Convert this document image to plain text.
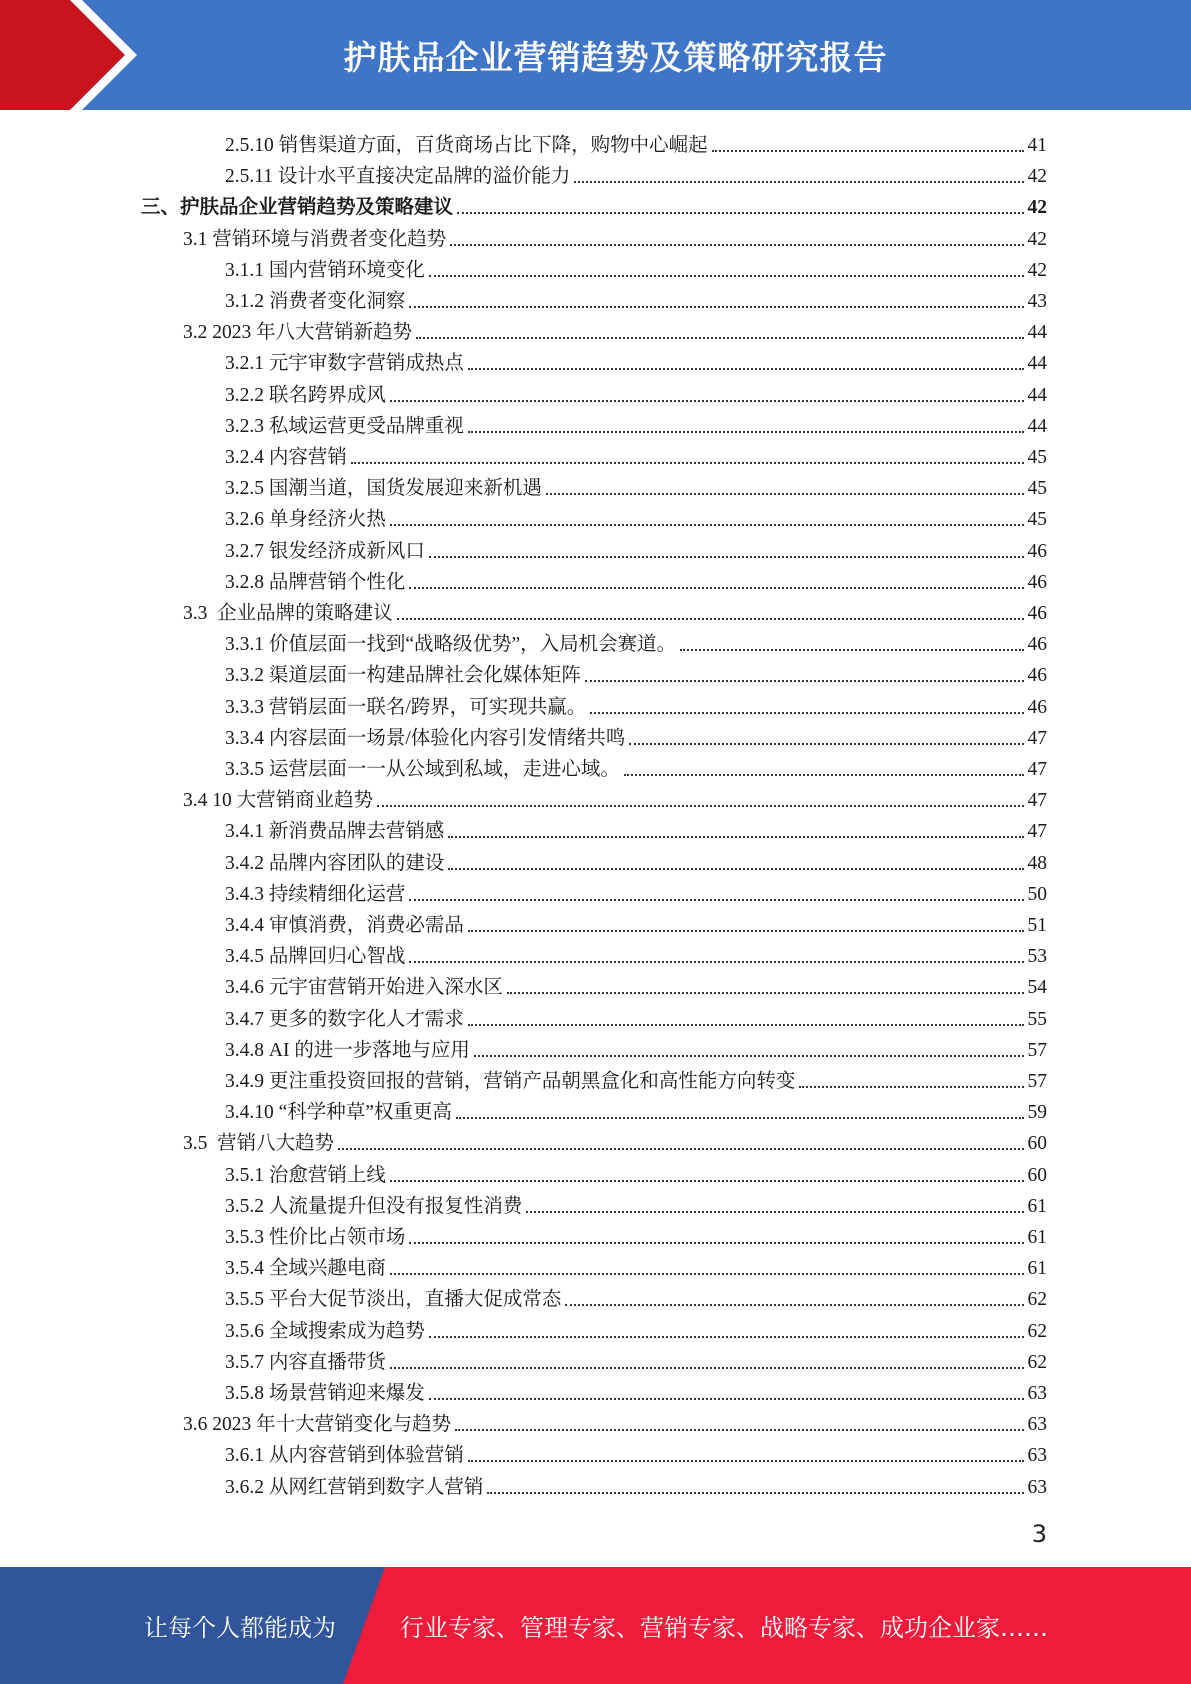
护肤品企业营销趋势及策略研究报告
2.5.10 销售渠道方面，百货商场占比下降，购物中心崛起	41
2.5.11 设计水平直接决定品牌的溢价能力	42
三、护肤品企业营销趋势及策略建议	42
3.1 营销环境与消费者变化趋势	42
3.1.1 国内营销环境变化	42
3.1.2 消费者变化洞察	43
3.2 2023 年八大营销新趋势	44
3.2.1 元宇审数字营销成热点	44
3.2.2 联名跨界成风	44
3.2.3 私域运营更受品牌重视	44
3.2.4 内容营销	45
3.2.5 国潮当道，国货发展迎来新机遇	45
3.2.6 单身经济火热	45
3.2.7 银发经济成新风口	46
3.2.8 品牌营销个性化	46
3.3 企业品牌的策略建议	46
3.3.1 价值层面一找到“战略级优势”，入局机会赛道。	46
3.3.2 渠道层面一构建品牌社会化媒体矩阵	46
3.3.3 营销层面一联名/跨界，可实现共赢。	46
3.3.4 内容层面一场景/体验化内容引发情绪共鸣	47
3.3.5 运营层面一一从公域到私域，走进心域。	47
3.4 10 大营销商业趋势	47
3.4.1 新消费品牌去营销感	47
3.4.2 品牌内容团队的建设	48
3.4.3 持续精细化运营	50
3.4.4 审慎消费，消费必需品	51
3.4.5 品牌回归心智战	53
3.4.6 元宇宙营销开始进入深水区	54
3.4.7 更多的数字化人才需求	55
3.4.8 AI 的进一步落地与应用	57
3.4.9 更注重投资回报的营销，营销产品朝黑盒化和高性能方向转变	57
3.4.10 “科学种草”权重更高	59
3.5 营销八大趋势	60
3.5.1 治愈营销上线	60
3.5.2 人流量提升但没有报复性消费	61
3.5.3 性价比占领市场	61
3.5.4 全域兴趣电商	61
3.5.5 平台大促节淡出，直播大促成常态	62
3.5.6 全域搜索成为趋势	62
3.5.7 内容直播带货	62
3.5.8 场景营销迎来爆发	63
3.6 2023 年十大营销变化与趋势	63
3.6.1 从内容营销到体验营销	63
3.6.2 从网红营销到数字人营销	63
3
让每个人都能成为	行业专家、管理专家、营销专家、战略专家、成功企业家……
